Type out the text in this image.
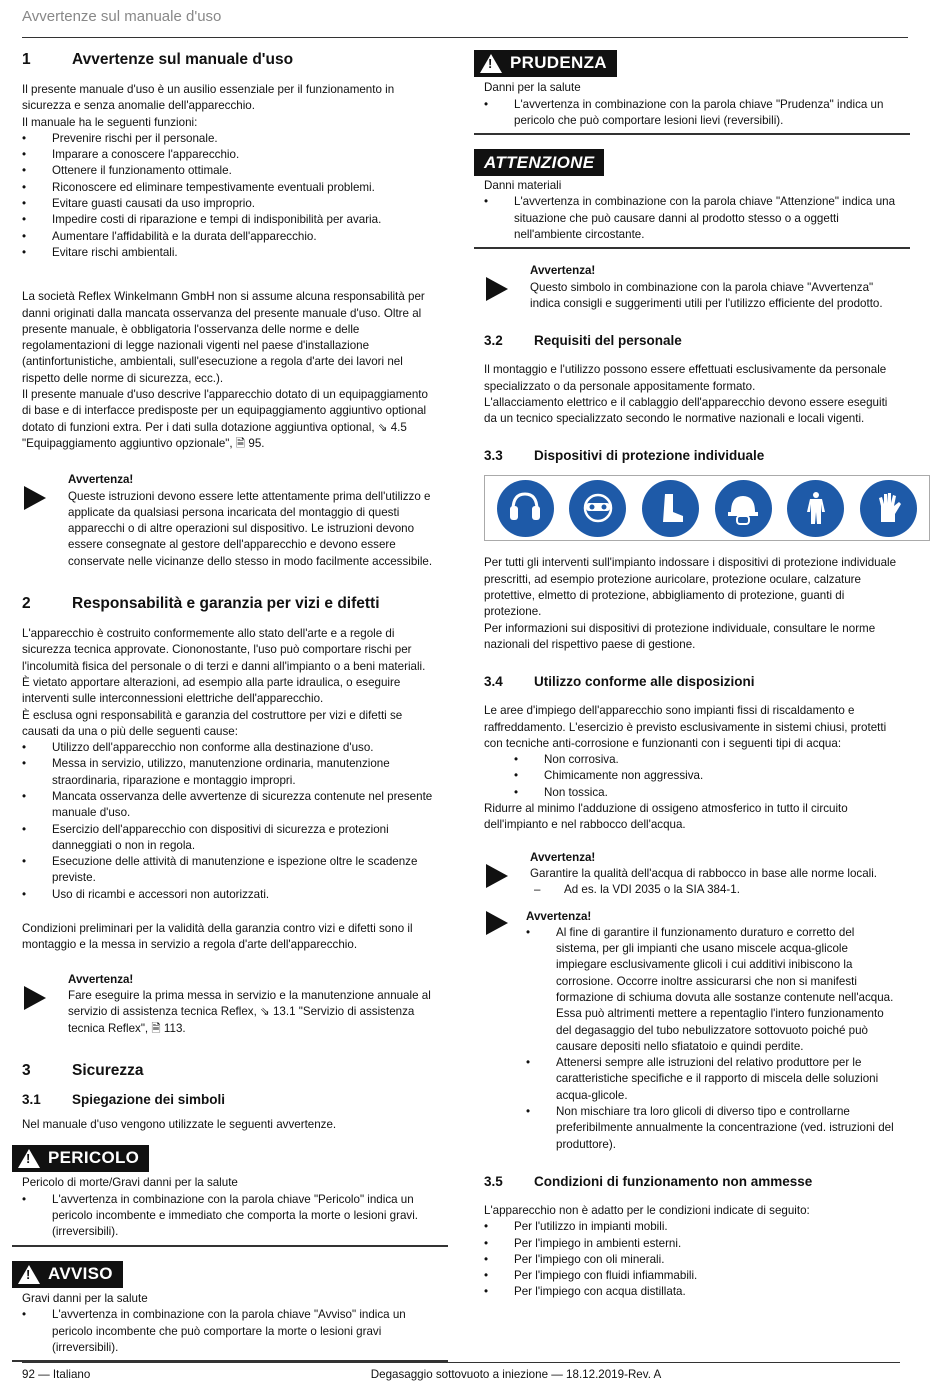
Avvertenze sul manuale d'uso
1	Avvertenze sul manuale d'uso

Il presente manuale d'uso è un ausilio essenziale per il funzionamento in sicurezza e senza anomalie dell'apparecchio.

Il manuale ha le seguenti funzioni:

• Prevenire rischi per il personale.
• Imparare a conoscere l'apparecchio.
• Ottenere il funzionamento ottimale.
• Riconoscere ed eliminare tempestivamente eventuali problemi.
• Evitare guasti causati da uso improprio.
• Impedire costi di riparazione e tempi di indisponibilità per avaria.
• Aumentare l'affidabilità e la durata dell'apparecchio.
• Evitare rischi ambientali.

La società Reflex Winkelmann GmbH non si assume alcuna responsabilità per danni originati dalla mancata osservanza del presente manuale d'uso. Oltre al presente manuale, è obbligatoria l'osservanza delle norme e delle regolamentazioni di legge nazionali vigenti nel paese d'installazione (antinfortunistiche, ambientali, sull'esecuzione a regola d'arte dei lavori nel rispetto delle norme di sicurezza, ecc.).

Il presente manuale d'uso descrive l'apparecchio dotato di un equipaggiamento di base e di interfacce predisposte per un equipaggiamento aggiuntivo optional dotato di funzioni extra. Per i dati sulla dotazione aggiuntiva optional, ⇘ 4.5 "Equipaggiamento aggiuntivo opzionale", 🗎 95.

Avvertenza!

Queste istruzioni devono essere lette attentamente prima dell'utilizzo e applicate da qualsiasi persona incaricata del montaggio di questi apparecchi o di altre operazioni sul dispositivo. Le istruzioni devono essere consegnate al gestore dell'apparecchio e devono essere conservate nelle vicinanze dello stesso in modo facilmente accessibile.

2	Responsabilità e garanzia per vizi e difetti

L'apparecchio è costruito conformemente allo stato dell'arte e a regole di sicurezza tecnica approvate. Ciononostante, l'uso può comportare rischi per l'incolumità fisica del personale o di terzi e danni all'impianto o a beni materiali.

È vietato apportare alterazioni, ad esempio alla parte idraulica, o eseguire interventi sulle interconnessioni elettriche dell'apparecchio.

È esclusa ogni responsabilità e garanzia del costruttore per vizi e difetti se causati da una o più delle seguenti cause:

• Utilizzo dell'apparecchio non conforme alla destinazione d'uso.
• Messa in servizio, utilizzo, manutenzione ordinaria, manutenzione straordinaria, riparazione e montaggio impropri.
• Mancata osservanza delle avvertenze di sicurezza contenute nel presente manuale d'uso.
• Esercizio dell'apparecchio con dispositivi di sicurezza e protezioni danneggiati o non in regola.
• Esecuzione delle attività di manutenzione e ispezione oltre le scadenze previste.
• Uso di ricambi e accessori non autorizzati.

Condizioni preliminari per la validità della garanzia contro vizi e difetti sono il montaggio e la messa in servizio a regola d'arte dell'apparecchio.

Avvertenza!

Fare eseguire la prima messa in servizio e la manutenzione annuale al servizio di assistenza tecnica Reflex, ⇘ 13.1 "Servizio di assistenza tecnica Reflex", 🗎 113.

3	Sicurezza
3.1	Spiegazione dei simboli

Nel manuale d'uso vengono utilizzate le seguenti avvertenze.

!
PERICOLO

Pericolo di morte/Gravi danni per la salute

• L'avvertenza in combinazione con la parola chiave "Pericolo" indica un pericolo incombente e immediato che comporta la morte o lesioni gravi.(irreversibili).
!
AVVISO

Gravi danni per la salute

• L'avvertenza in combinazione con la parola chiave "Avviso" indica un pericolo incombente che può comportare la morte o lesioni gravi (irreversibili).
!
PRUDENZA

Danni per la salute

• L'avvertenza in combinazione con la parola chiave "Prudenza" indica un pericolo che può comportare lesioni lievi (reversibili).
ATTENZIONE

Danni materiali

• L'avvertenza in combinazione con la parola chiave "Attenzione" indica una situazione che può causare danni al prodotto stesso o a oggetti nell'ambiente circostante.

Avvertenza!

Questo simbolo in combinazione con la parola chiave "Avvertenza" indica consigli e suggerimenti utili per l'utilizzo efficiente del prodotto.

3.2	Requisiti del personale

Il montaggio e l'utilizzo possono essere effettuati esclusivamente da personale specializzato o da personale appositamente formato.

L'allacciamento elettrico e il cablaggio dell'apparecchio devono essere eseguiti da un tecnico specializzato secondo le normative nazionali e locali vigenti.

3.3	Dispositivi di protezione individuale

Per tutti gli interventi sull'impianto indossare i dispositivi di protezione individuale prescritti, ad esempio protezione auricolare, protezione oculare, calzature protettive, elmetto di protezione, abbigliamento di protezione, guanti di protezione.

Per informazioni sui dispositivi di protezione individuale, consultare le norme nazionali del rispettivo paese di gestione.

3.4	Utilizzo conforme alle disposizioni

Le aree d'impiego dell'apparecchio sono impianti fissi di riscaldamento e raffreddamento. L'esercizio è previsto esclusivamente in sistemi chiusi, protetti con tecniche anti-corrosione e funzionanti con i seguenti tipi di acqua:

• Non corrosiva.
• Chimicamente non aggressiva.
• Non tossica.

Ridurre al minimo l'adduzione di ossigeno atmosferico in tutto il circuito dell'impianto e nel rabbocco dell'acqua.

Avvertenza!

Garantire la qualità dell'acqua di rabbocco in base alle norme locali.

– Ad es. la VDI 2035 o la SIA 384-1.

Avvertenza!

• Al fine di garantire il funzionamento duraturo e corretto del sistema, per gli impianti che usano miscele acqua-glicole impiegare esclusivamente glicoli i cui additivi inibiscono la corrosione. Occorre inoltre assicurarsi che non si manifesti formazione di schiuma dovuta alle sostanze contenute nell'acqua. Essa può altrimenti mettere a repentaglio l'intero funzionamento del degasaggio del tubo nebulizzatore sottovuoto poiché può causare depositi nello sfiatatoio e quindi perdite.
• Attenersi sempre alle istruzioni del relativo produttore per le caratteristiche specifiche e il rapporto di miscela delle soluzioni acqua-glicole.
• Non mischiare tra loro glicoli di diverso tipo e controllarne preferibilmente annualmente la concentrazione (ved. istruzioni del produttore).
3.5	Condizioni di funzionamento non ammesse

L'apparecchio non è adatto per le condizioni indicate di seguito:

• Per l'utilizzo in impianti mobili.
• Per l'impiego in ambienti esterni.
• Per l'impiego con oli minerali.
• Per l'impiego con fluidi infiammabili.
• Per l'impiego con acqua distillata.
92 — Italiano	Degasaggio sottovuoto a iniezione — 18.12.2019-Rev. A
